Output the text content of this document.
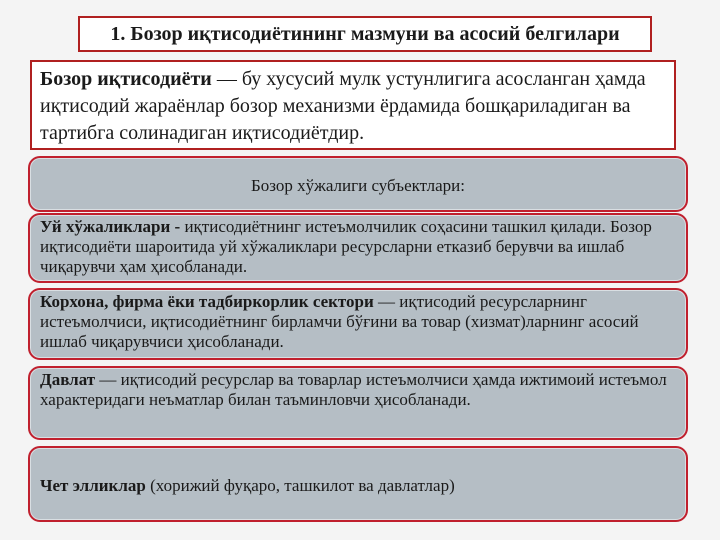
1. Бозор иқтисодиётининг мазмуни ва асосий белгилари
Бозор иқтисодиёти — бу хусусий мулк устунлигига асосланган ҳамда иқтисодий жараёнлар бозор механизми ёрдамида бошқариладиган ва тартибга солинадиган иқтисодиётдир.
Бозор хўжалиги субъектлари:
Уй хўжаликлари - иқтисодиётнинг истеъмолчилик соҳасини ташкил қилади. Бозор иқтисодиёти шароитида уй хўжаликлари ресурсларни етказиб берувчи ва ишлаб чиқарувчи ҳам ҳисобланади.
Корхона, фирма ёки тадбиркорлик сектори — иқтисодий ресурсларнинг истеъмолчиси, иқтисодиётнинг бирламчи бўғини ва товар (хизмат)ларнинг асосий ишлаб чиқарувчиси ҳисобланади.
Давлат — иқтисодий ресурслар ва товарлар истеъмолчиси ҳамда ижтимоий истеъмол характеридаги неъматлар билан таъминловчи ҳисобланади.
Чет элликлар (хорижий фуқаро, ташкилот ва давлатлар)
